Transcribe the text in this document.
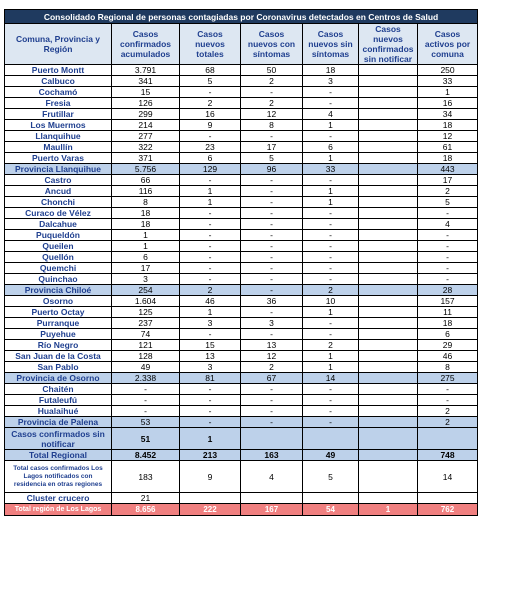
Consolidado Regional de personas contagiadas por Coronavirus detectados en Centros de Salud						
Comuna, Provincia y Región	Casos confirmados acumulados	Casos nuevos totales	Casos nuevos con síntomas	Casos nuevos sin síntomas	Casos nuevos confirmados sin notificar	Casos activos por comuna
Puerto Montt	3.791	68	50	18		250
Calbuco	341	5	2	3		33
Cochamó	15	-	-	-		1
Fresia	126	2	2	-		16
Frutillar	299	16	12	4		34
Los Muermos	214	9	8	1		18
Llanquihue	277	-	-	-		12
Maullín	322	23	17	6		61
Puerto Varas	371	6	5	1		18
Provincia Llanquihue	5.756	129	96	33		443
Castro	66	-	-	-		17
Ancud	116	1	-	1		2
Chonchi	8	1	-	1		5
Curaco de Vélez	18	-	-	-		-
Dalcahue	18	-	-	-		4
Puqueldón	1	-	-	-		-
Queilen	1	-	-	-		-
Quellón	6	-	-	-		-
Quemchi	17	-	-	-		-
Quinchao	3	-	-	-		-
Provincia Chiloé	254	2	-	2		28
Osorno	1.604	46	36	10		157
Puerto Octay	125	1	-	1		11
Purranque	237	3	3	-		18
Puyehue	74	-	-	-		6
Río Negro	121	15	13	2		29
San Juan de la Costa	128	13	12	1		46
San Pablo	49	3	2	1		8
Provincia de Osorno	2.338	81	67	14		275
Chaitén	-	-	-	-		-
Futaleufú	-	-	-	-		-
Hualaihué	-	-	-	-		2
Provincia de Palena	53	-	-	-		2
Casos confirmados sin notificar	51	1				
Total Regional	8.452	213	163	49		748
Total casos confirmados Los Lagos notificados con residencia en otras regiones	183	9	4	5		14
Cluster crucero	21					
Total región de Los Lagos	8.656	222	167	54	1	762
